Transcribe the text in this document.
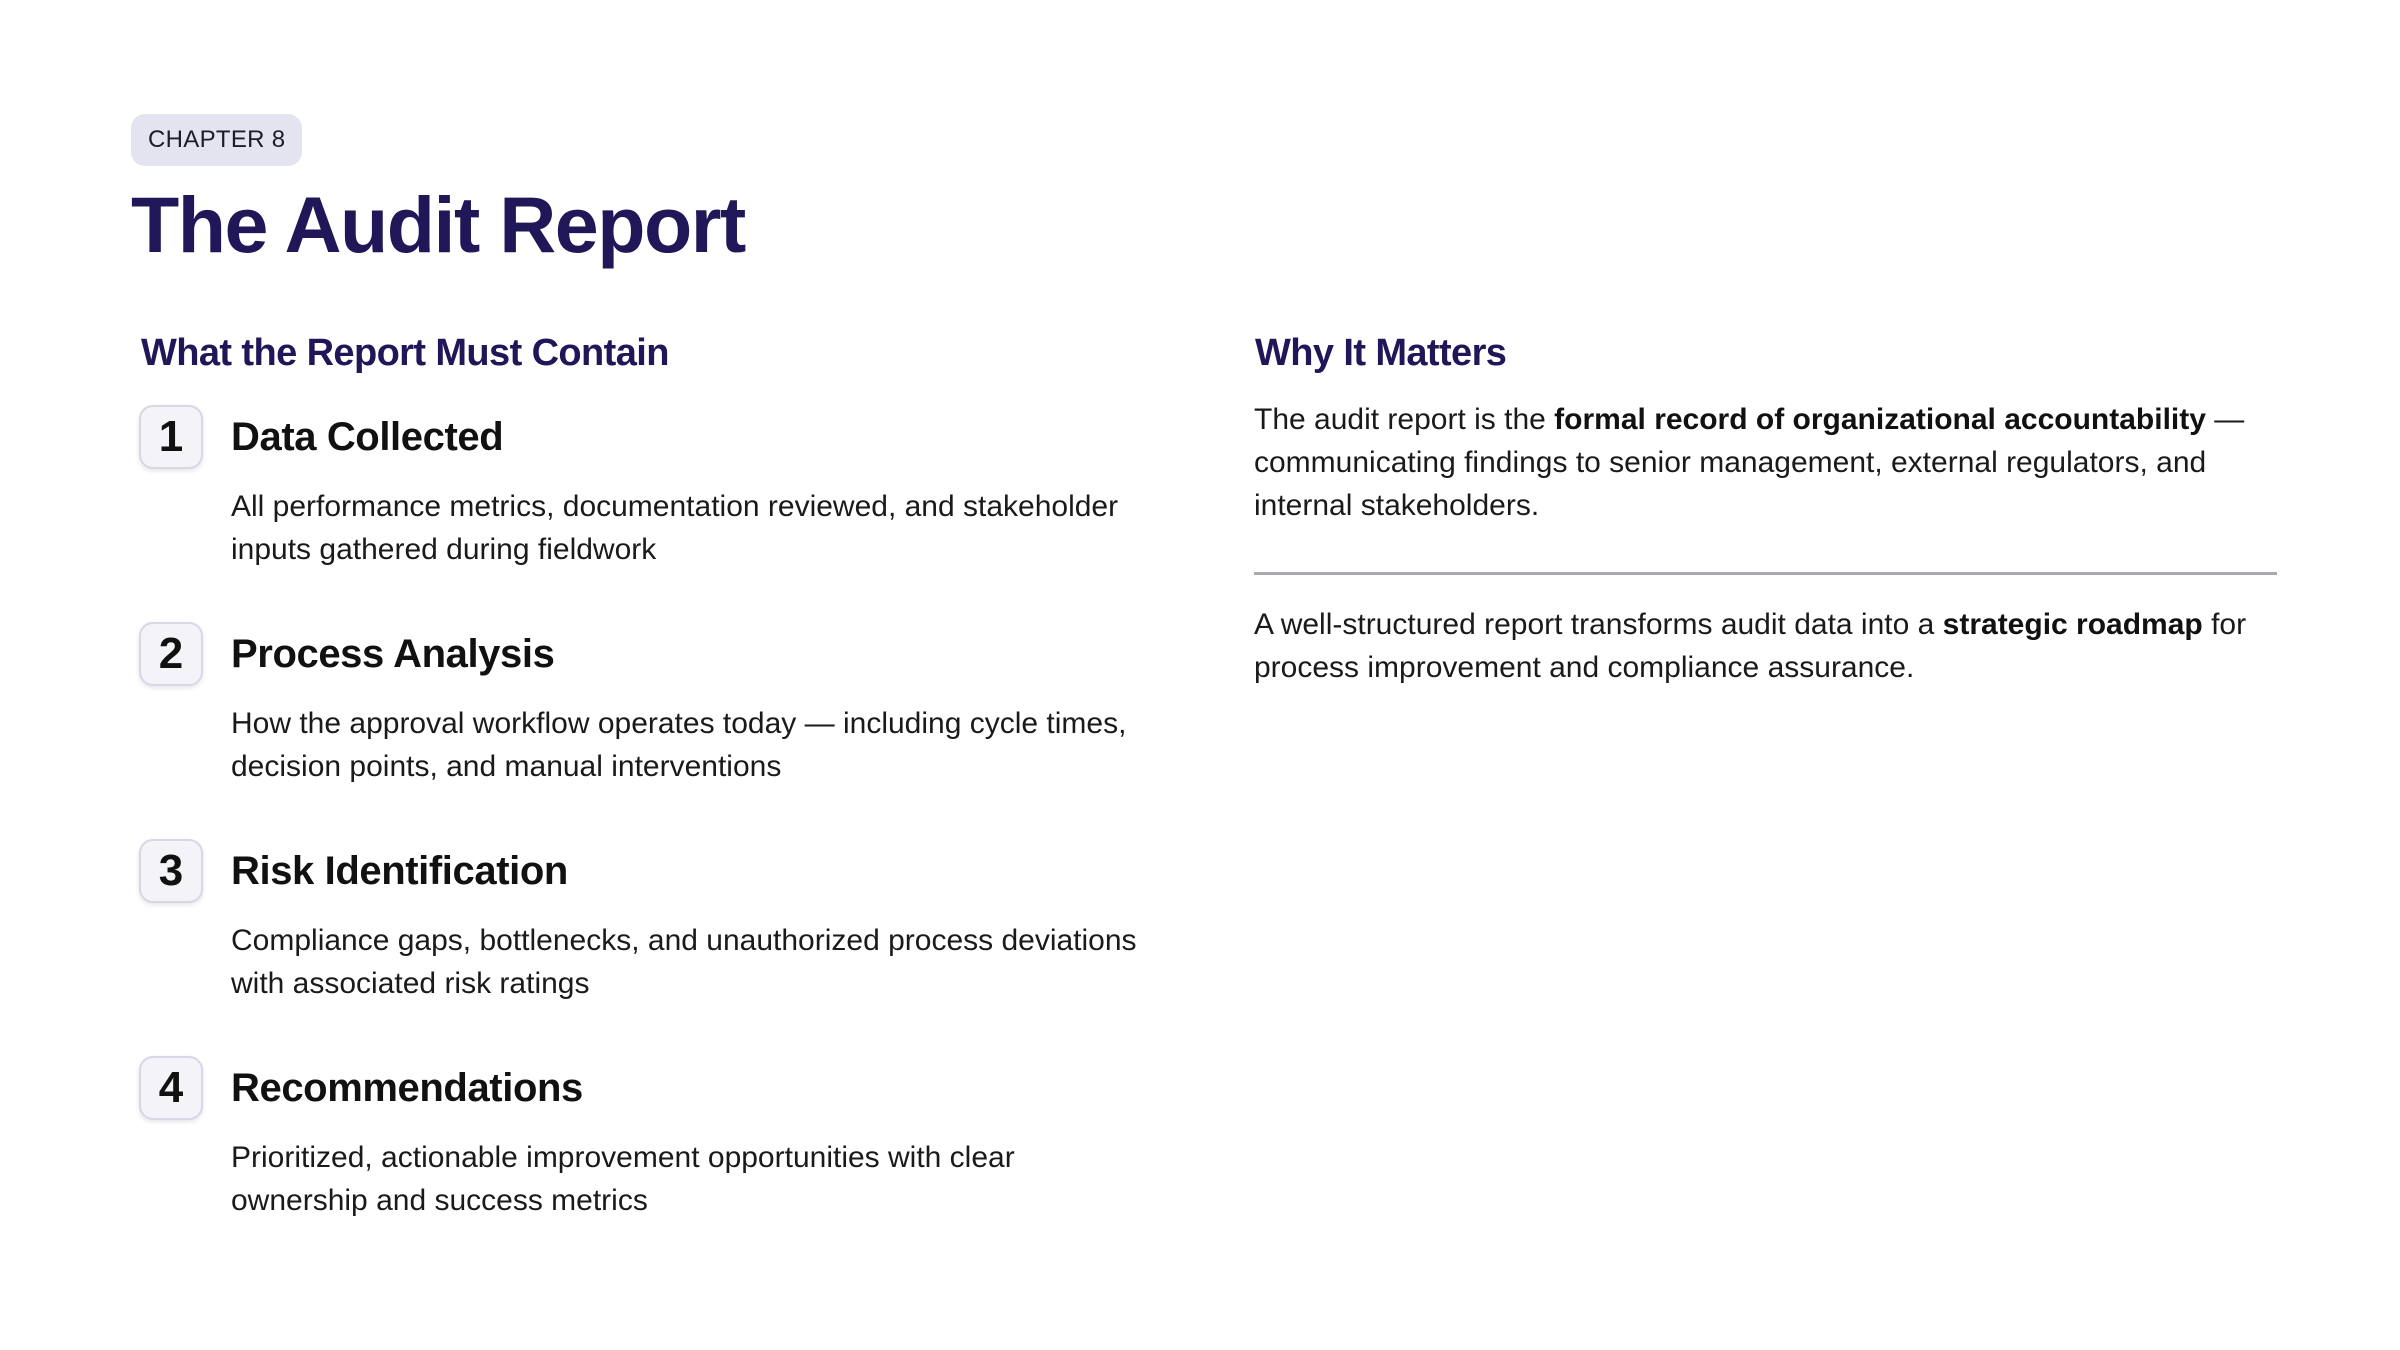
CHAPTER 8
The Audit Report
What the Report Must Contain
1	Data Collected
All performance metrics, documentation reviewed, and stakeholder inputs gathered during fieldwork
2	Process Analysis
How the approval workflow operates today — including cycle times, decision points, and manual interventions
3	Risk Identification
Compliance gaps, bottlenecks, and unauthorized process deviations with associated risk ratings
4	Recommendations
Prioritized, actionable improvement opportunities with clear ownership and success metrics
Why It Matters

The audit report is the formal record of organizational accountability — communicating findings to senior management, external regulators, and internal stakeholders.

A well-structured report transforms audit data into a strategic roadmap for process improvement and compliance assurance.
